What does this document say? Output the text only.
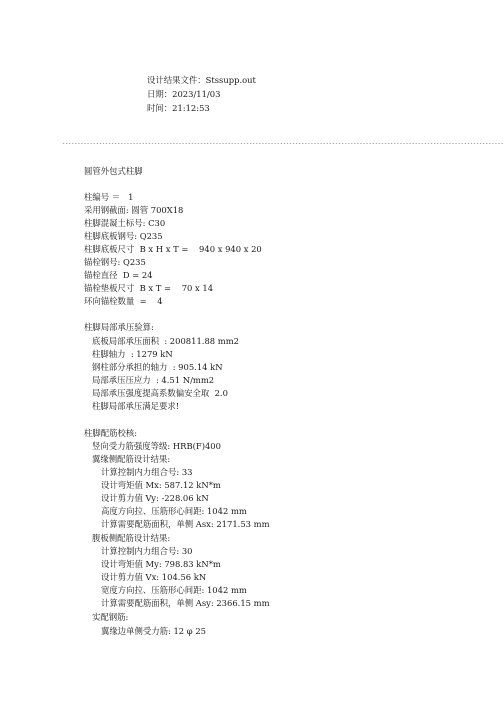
设计结果文件：Stssupp.out
日期：2023/11/03
时间：21:12:53
------------------------------------------------------------------------------------------------------------------------------------------------
圆管外包式柱脚
柱编号 ＝   1
采用钢截面: 圆管 700X18
柱脚混凝土标号: C30
柱脚底板钢号: Q235
柱脚底板尺寸  B x H x T =    940 x 940 x 20
锚栓钢号: Q235
锚栓直径  D = 24
锚栓垫板尺寸  B x T =    70 x 14
环向锚栓数量  =    4
柱脚局部承压验算:
底板局部承压面积  : 200811.88 mm2
柱脚轴力  : 1279 kN
钢柱部分承担的轴力  : 905.14 kN
局部承压压应力  : 4.51 N/mm2
局部承压强度提高系数偏安全取  2.0
柱脚局部承压满足要求!
柱脚配筋校核:
竖向受力筋强度等级: HRB(F)400
翼缘侧配筋设计结果:
计算控制内力组合号: 33
设计弯矩值 Mx: 587.12 kN*m
设计剪力值 Vy: -228.06 kN
高度方向拉、压筋形心间距: 1042 mm
计算需要配筋面积，单侧 Asx: 2171.53 mm
腹板侧配筋设计结果:
计算控制内力组合号: 30
设计弯矩值 My: 798.83 kN*m
设计剪力值 Vx: 104.56 kN
宽度方向拉、压筋形心间距: 1042 mm
计算需要配筋面积，单侧 Asy: 2366.15 mm
实配钢筋:
翼缘边单侧受力筋: 12 φ 25
